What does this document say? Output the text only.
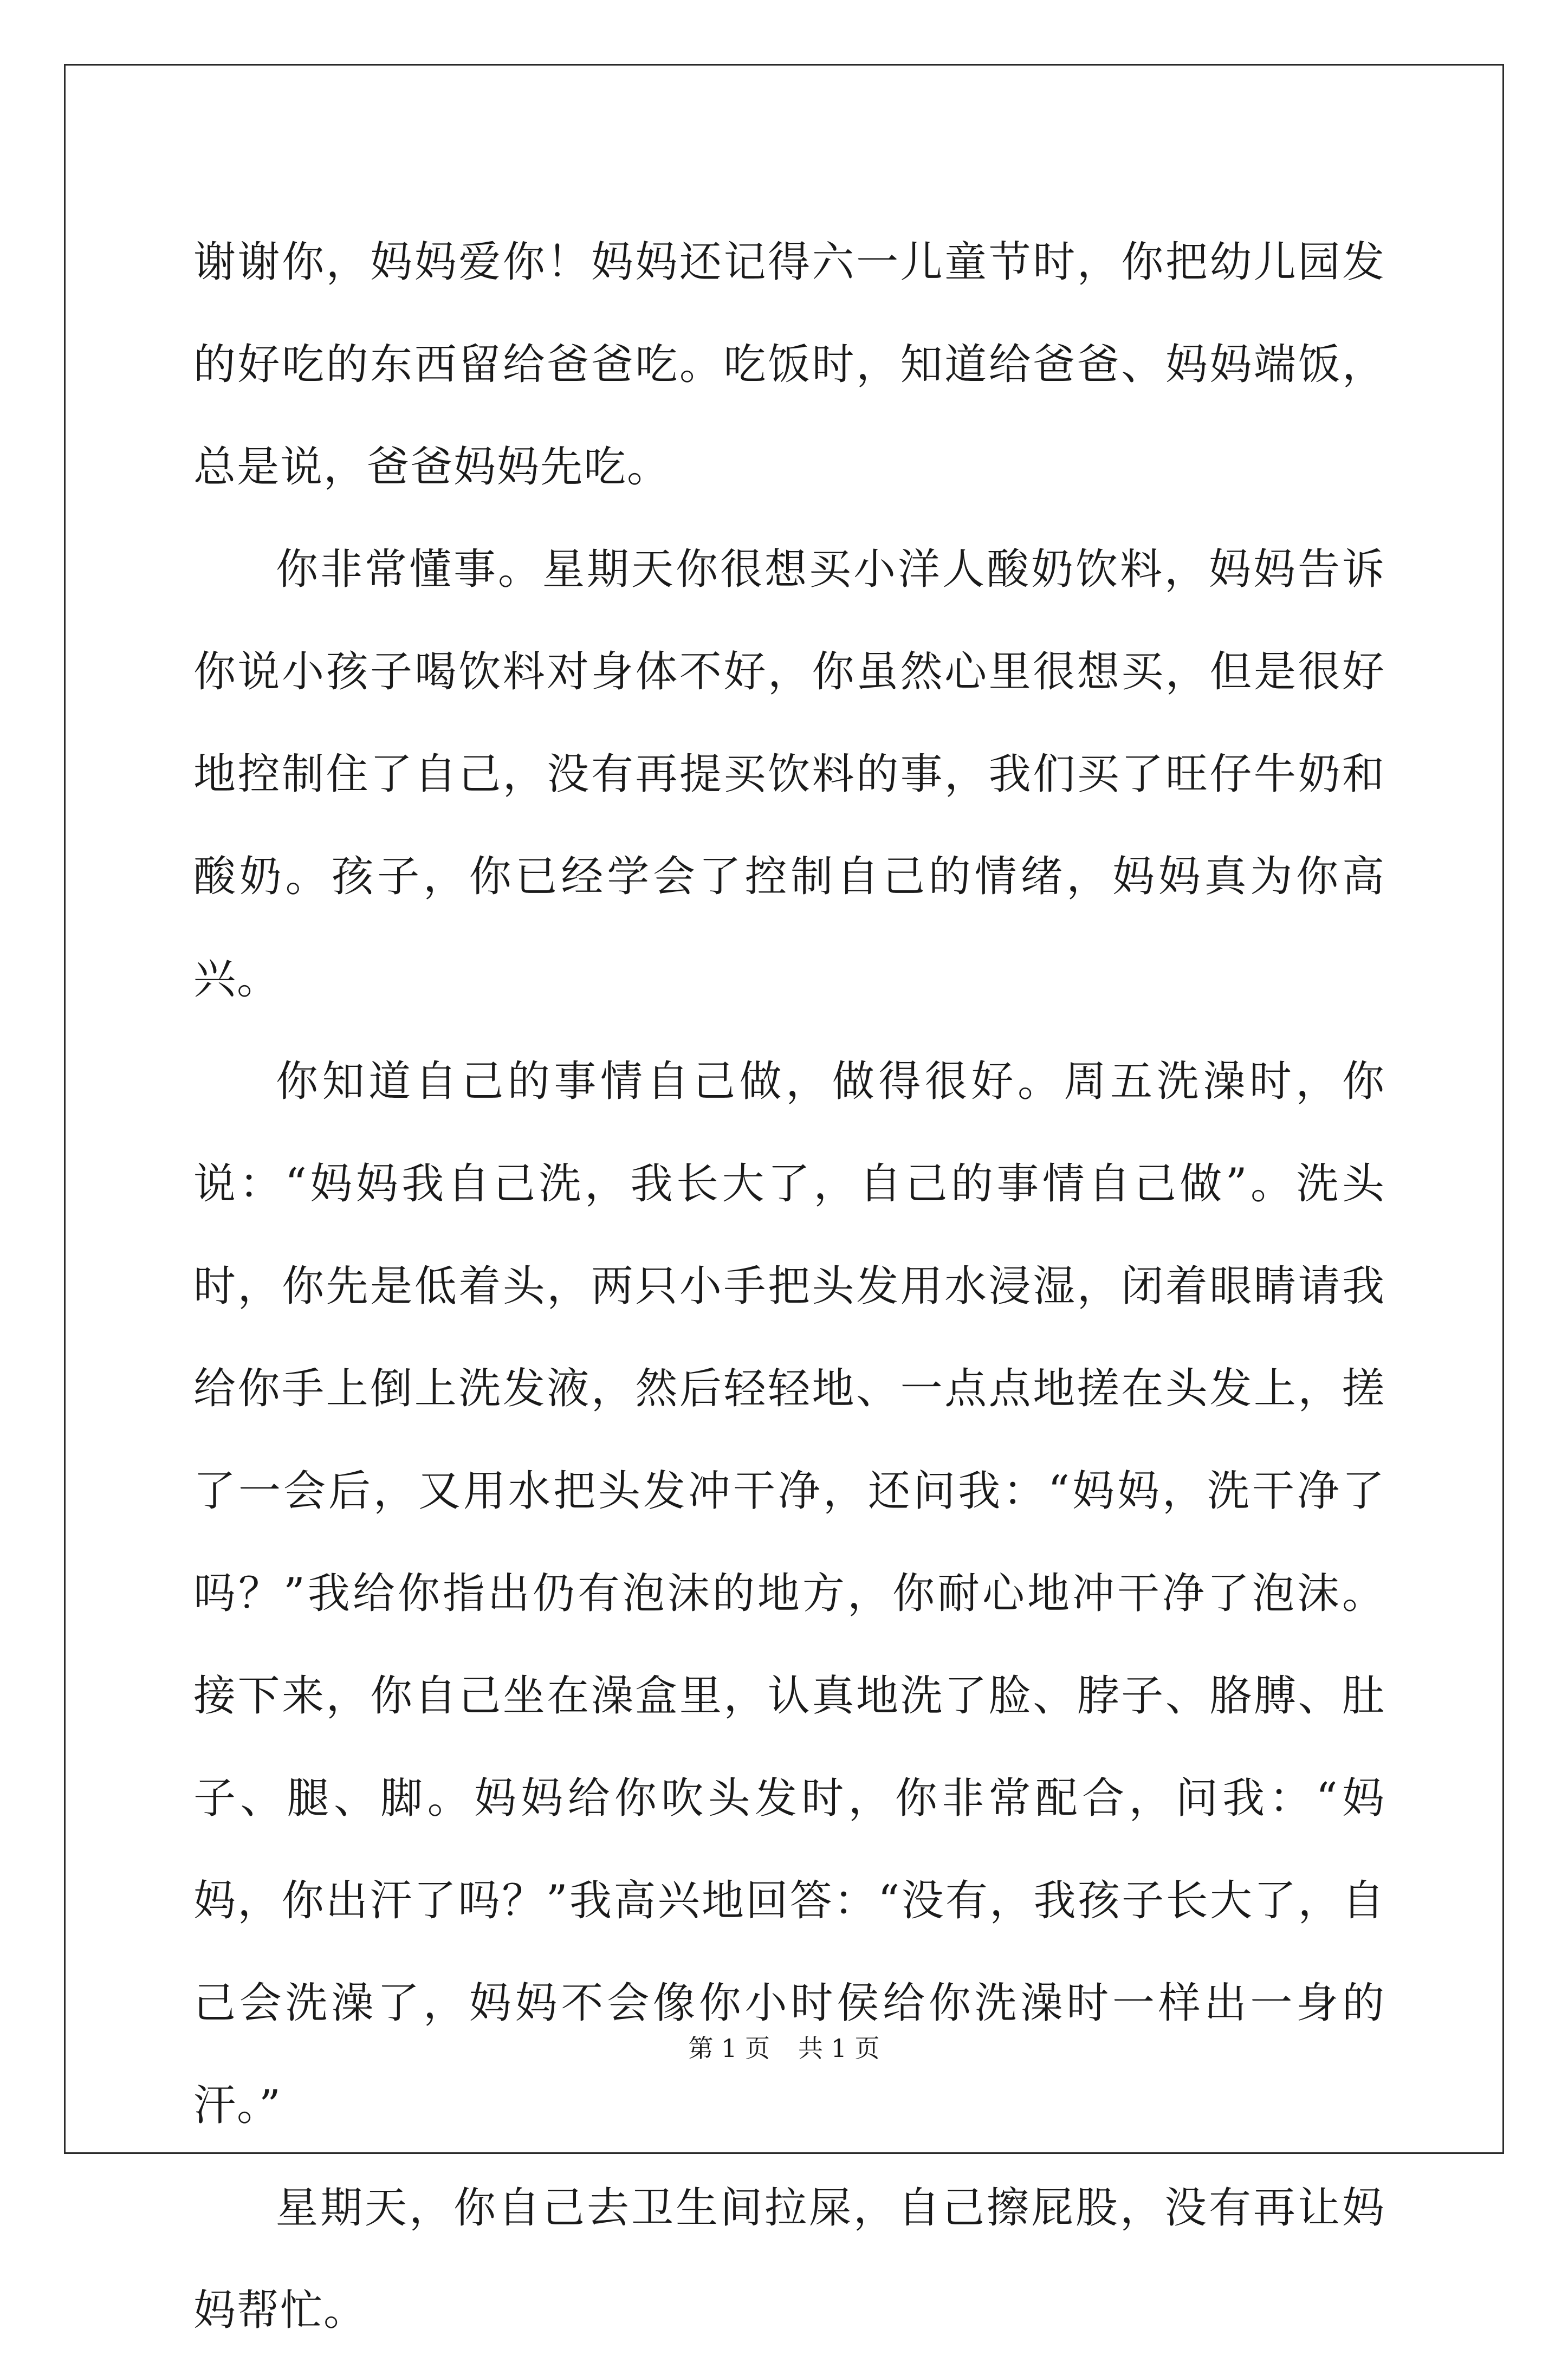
谢谢你，妈妈爱你！妈妈还记得六一儿童节时，你把幼儿园发的好吃的东西留给爸爸吃。吃饭时，知道给爸爸、妈妈端饭，总是说，爸爸妈妈先吃。

你非常懂事。星期天你很想买小洋人酸奶饮料，妈妈告诉你说小孩子喝饮料对身体不好，你虽然心里很想买，但是很好地控制住了自己，没有再提买饮料的事，我们买了旺仔牛奶和酸奶。孩子，你已经学会了控制自己的情绪，妈妈真为你高兴。

你知道自己的事情自己做，做得很好。周五洗澡时，你说：“妈妈我自己洗，我长大了，自己的事情自己做”。洗头时，你先是低着头，两只小手把头发用水浸湿，闭着眼睛请我给你手上倒上洗发液，然后轻轻地、一点点地搓在头发上，搓了一会后，又用水把头发冲干净，还问我：“妈妈，洗干净了吗？”我给你指出仍有泡沫的地方，你耐心地冲干净了泡沫。接下来，你自己坐在澡盒里，认真地洗了脸、脖子、胳膊、肚子、腿、脚。妈妈给你吹头发时，你非常配合，问我：“妈妈，你出汗了吗？”我高兴地回答：“没有，我孩子长大了，自己会洗澡了，妈妈不会像你小时侯给你洗澡时一样出一身的汗。”

星期天，你自己去卫生间拉屎，自己擦屁股，没有再让妈妈帮忙。

第 1 页 共 1 页
